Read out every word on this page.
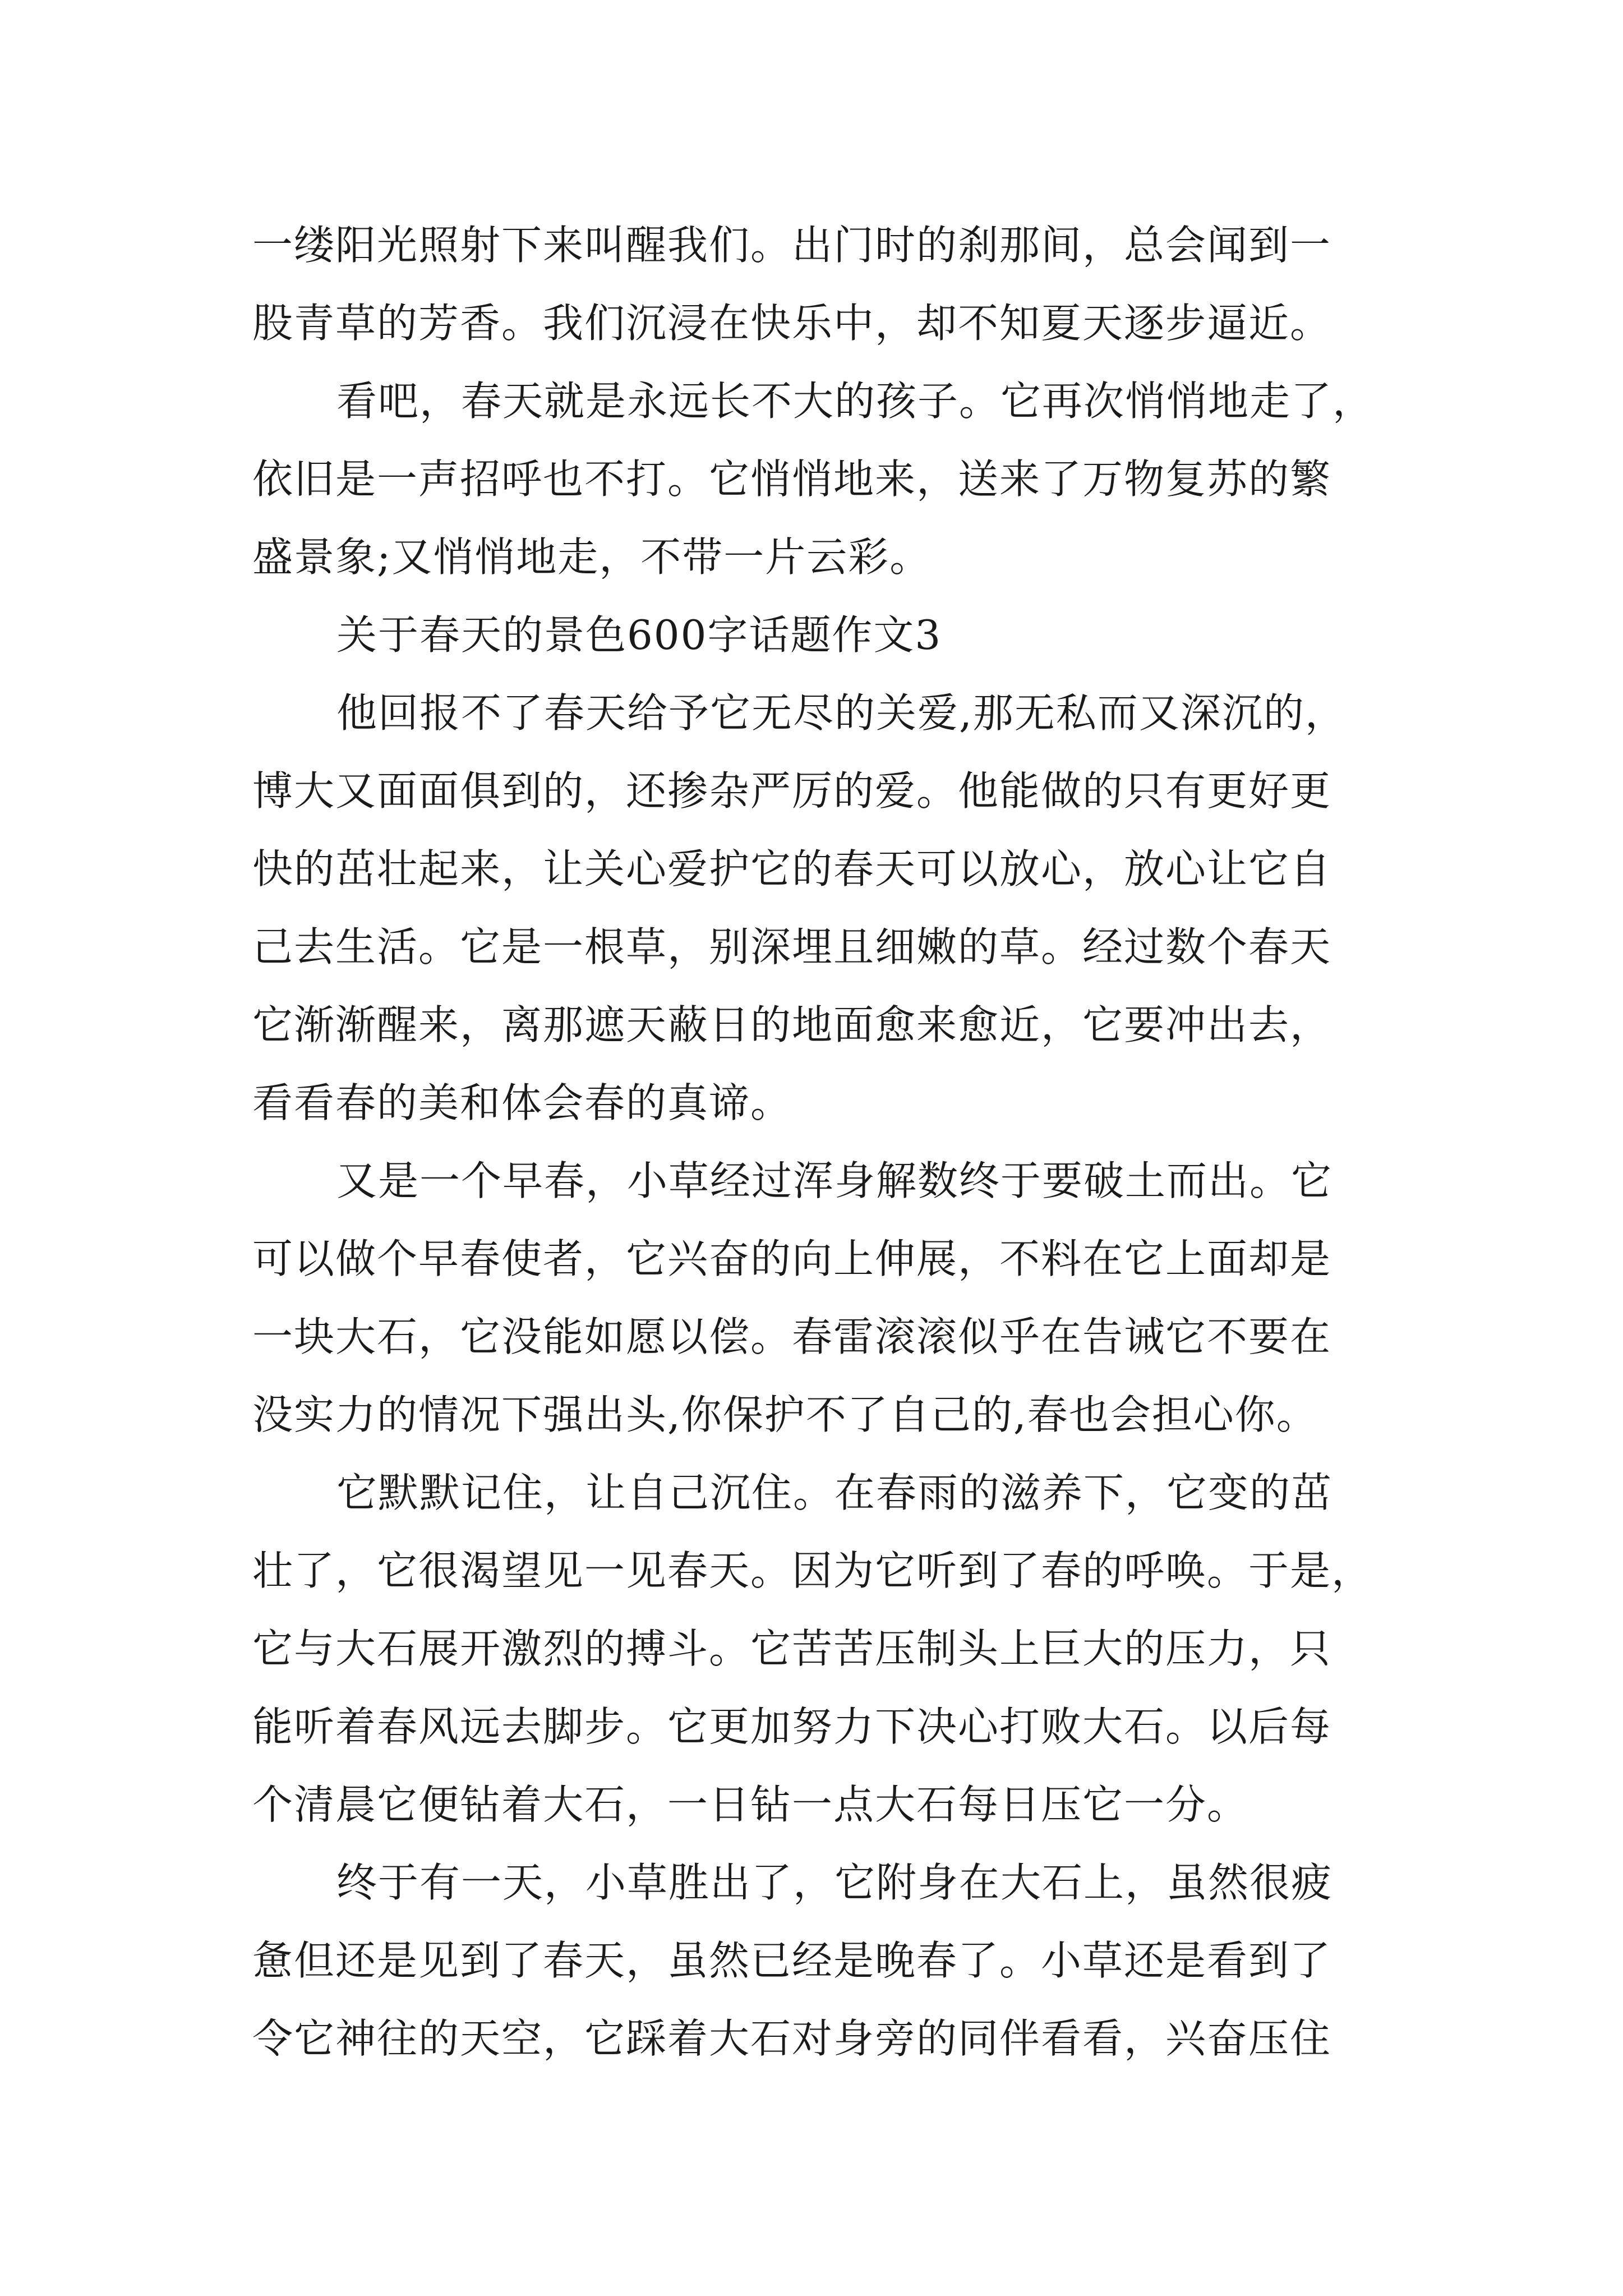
一缕阳光照射下来叫醒我们。出门时的刹那间，总会闻到一
股青草的芳香。我们沉浸在快乐中，却不知夏天逐步逼近。
看吧，春天就是永远长不大的孩子。它再次悄悄地走了，
依旧是一声招呼也不打。它悄悄地来，送来了万物复苏的繁
盛景象;又悄悄地走，不带一片云彩。
关于春天的景色600字话题作文3
他回报不了春天给予它无尽的关爱,那无私而又深沉的，
博大又面面俱到的，还掺杂严厉的爱。他能做的只有更好更
快的茁壮起来，让关心爱护它的春天可以放心，放心让它自
己去生活。它是一根草，别深埋且细嫩的草。经过数个春天
它渐渐醒来，离那遮天蔽日的地面愈来愈近，它要冲出去，
看看春的美和体会春的真谛。
又是一个早春，小草经过浑身解数终于要破土而出。它
可以做个早春使者，它兴奋的向上伸展，不料在它上面却是
一块大石，它没能如愿以偿。春雷滚滚似乎在告诫它不要在
没实力的情况下强出头,你保护不了自己的,春也会担心你。
它默默记住，让自己沉住。在春雨的滋养下，它变的茁
壮了，它很渴望见一见春天。因为它听到了春的呼唤。于是，
它与大石展开激烈的搏斗。它苦苦压制头上巨大的压力，只
能听着春风远去脚步。它更加努力下决心打败大石。以后每
个清晨它便钻着大石，一日钻一点大石每日压它一分。
终于有一天，小草胜出了，它附身在大石上，虽然很疲
惫但还是见到了春天，虽然已经是晚春了。小草还是看到了
令它神往的天空，它踩着大石对身旁的同伴看看，兴奋压住
